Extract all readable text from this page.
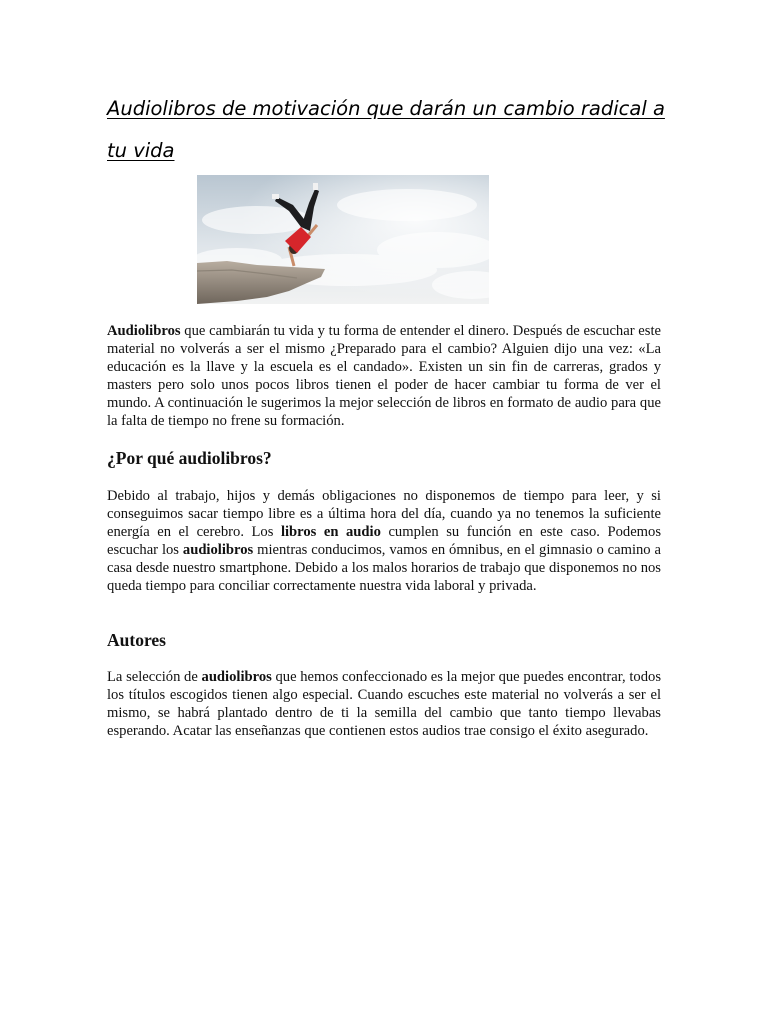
Audiolibros de motivación que darán un cambio radical a tu vida

Audiolibros que cambiarán tu vida y tu forma de entender el dinero. Después de escuchar este material no volverás a ser el mismo ¿Preparado para el cambio? Alguien dijo una vez: «La educación es la llave y la escuela es el candado». Existen un sin fin de carreras, grados y masters pero solo unos pocos libros tienen el poder de hacer cambiar tu forma de ver el mundo. A continuación le sugerimos la mejor selección de libros en formato de audio para que la falta de tiempo no frene su formación.

¿Por qué audiolibros?

Debido al trabajo, hijos y demás obligaciones no disponemos de tiempo para leer, y si conseguimos sacar tiempo libre es a última hora del día, cuando ya no tenemos la suficiente energía en el cerebro. Los libros en audio cumplen su función en este caso. Podemos escuchar los audiolibros mientras conducimos, vamos en ómnibus, en el gimnasio o camino a casa desde nuestro smartphone. Debido a los malos horarios de trabajo que disponemos no nos queda tiempo para conciliar correctamente nuestra vida laboral y privada.

Autores

La selección de audiolibros que hemos confeccionado es la mejor que puedes encontrar, todos los títulos escogidos tienen algo especial. Cuando escuches este material no volverás a ser el mismo, se habrá plantado dentro de ti la semilla del cambio que tanto tiempo llevabas esperando. Acatar las enseñanzas que contienen estos audios trae consigo el éxito asegurado.
